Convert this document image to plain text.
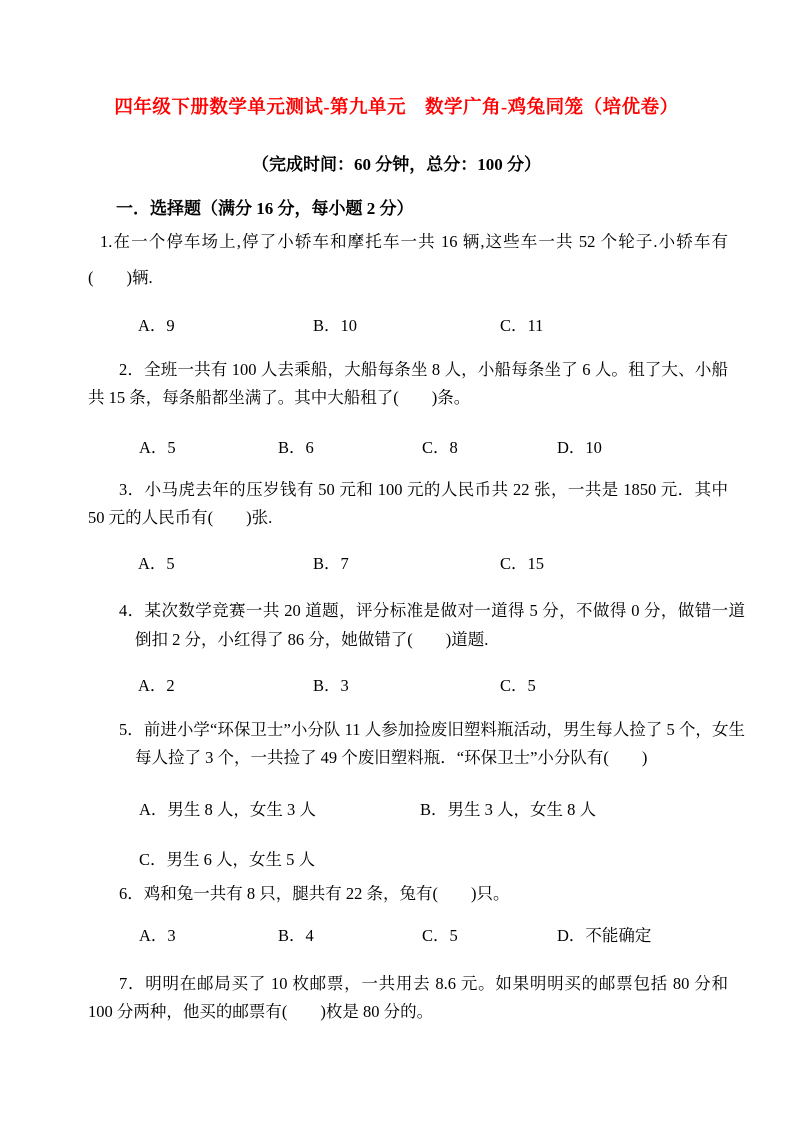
四年级下册数学单元测试-第九单元　数学广角-鸡兔同笼（培优卷）
（完成时间：60 分钟，总分：100 分）
一．选择题（满分 16 分，每小题 2 分）
1.在一个停车场上,停了小轿车和摩托车一共 16 辆,这些车一共 52 个轮子.小轿车有(　　)辆.
A．9	B．10	C．11
2．全班一共有 100 人去乘船，大船每条坐 8 人，小船每条坐了 6 人。租了大、小船共 15 条，每条船都坐满了。其中大船租了(　　)条。
A．5	B．6	C．8	D．10
3．小马虎去年的压岁钱有 50 元和 100 元的人民币共 22 张，一共是 1850 元．其中 50 元的人民币有(　　)张.
A．5	B．7	C．15
4．某次数学竞赛一共 20 道题，评分标准是做对一道得 5 分，不做得 0 分，做错一道倒扣 2 分，小红得了 86 分，她做错了(　　)道题.
A．2	B．3	C．5
5．前进小学“环保卫士”小分队 11 人参加捡废旧塑料瓶活动，男生每人捡了 5 个，女生每人捡了 3 个，一共捡了 49 个废旧塑料瓶．“环保卫士”小分队有(　　)
A．男生 8 人，女生 3 人	B．男生 3 人，女生 8 人
C．男生 6 人，女生 5 人
6．鸡和兔一共有 8 只，腿共有 22 条，兔有(　　)只。
A．3	B．4	C．5	D．不能确定
7．明明在邮局买了 10 枚邮票，一共用去 8.6 元。如果明明买的邮票包括 80 分和 100 分两种，他买的邮票有(　　)枚是 80 分的。
